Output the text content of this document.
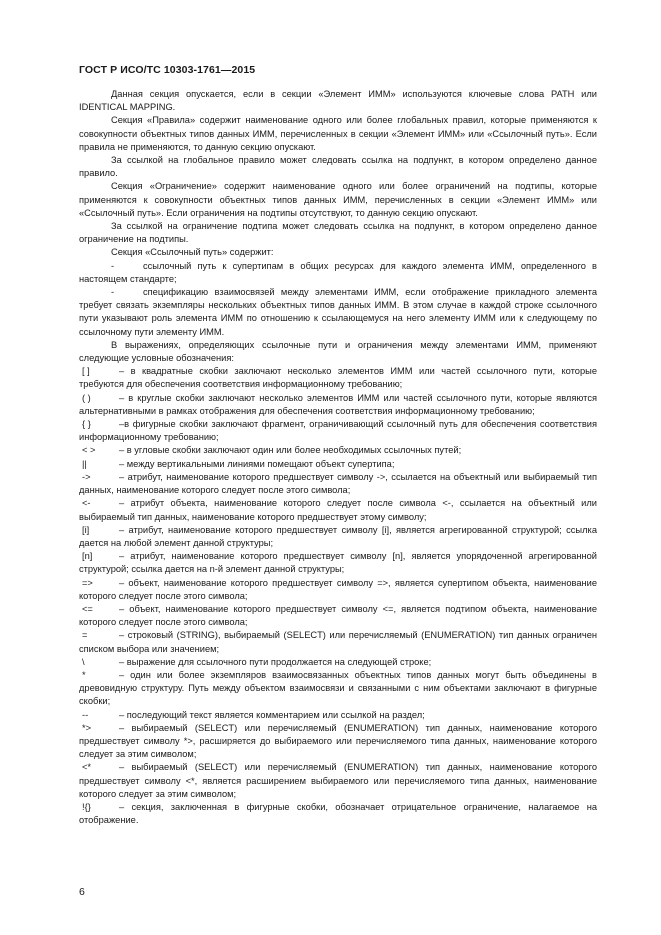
ГОСТ Р ИСО/ТС 10303-1761—2015

Данная секция опускается, если в секции «Элемент ИММ» используются ключевые слова PATH или IDENTICAL MAPPING.

Секция «Правила» содержит наименование одного или более глобальных правил, которые применяются к совокупности объектных типов данных ИММ, перечисленных в секции «Элемент ИММ» или «Ссылочный путь». Если правила не применяются, то данную секцию опускают.

За ссылкой на глобальное правило может следовать ссылка на подпункт, в котором определено данное правило.

Секция «Ограничение» содержит наименование одного или более ограничений на подтипы, которые применяются к совокупности объектных типов данных ИММ, перечисленных в секции «Элемент ИММ» или «Ссылочный путь». Если ограничения на подтипы отсутствуют, то данную секцию опускают.

За ссылкой на ограничение подтипа может следовать ссылка на подпункт, в котором определено данное ограничение на подтипы.

Секция «Ссылочный путь» содержит:

-	ссылочный путь к супертипам в общих ресурсах для каждого элемента ИММ, определенного в настоящем стандарте;

-	спецификацию взаимосвязей между элементами ИММ, если отображение прикладного элемента требует связать экземпляры нескольких объектных типов данных ИММ. В этом случае в каждой строке ссылочного пути указывают роль элемента ИММ по отношению к ссылающемуся на него элементу ИММ или к следующему по ссылочному пути элементу ИММ.

В выражениях, определяющих ссылочные пути и ограничения между элементами ИММ, применяют следующие условные обозначения:

[ ]	– в квадратные скобки заключают несколько элементов ИММ или частей ссылочного пути, которые требуются для обеспечения соответствия информационному требованию;

( )	– в круглые скобки заключают несколько элементов ИММ или частей ссылочного пути, которые являются альтернативными в рамках отображения для обеспечения соответствия информационному требованию;

{ }	–в фигурные скобки заключают фрагмент, ограничивающий ссылочный путь для обеспечения соответствия информационному требованию;

< >	– в угловые скобки заключают один или более необходимых ссылочных путей;

||	– между вертикальными линиями помещают объект супертипа;

->	– атрибут, наименование которого предшествует символу ->, ссылается на объектный или выбираемый тип данных, наименование которого следует после этого символа;

<-	– атрибут объекта, наименование которого следует после символа <-, ссылается на объектный или выбираемый тип данных, наименование которого предшествует этому символу;

[i]	– атрибут, наименование которого предшествует символу [i], является агрегированной структурой; ссылка дается на любой элемент данной структуры;

[n]	– атрибут, наименование которого предшествует символу [n], является упорядоченной агрегированной структурой; ссылка дается на n-й элемент данной структуры;

=>	– объект, наименование которого предшествует символу =>, является супертипом объекта, наименование которого следует после этого символа;

<=	– объект, наименование которого предшествует символу <=, является подтипом объекта, наименование которого следует после этого символа;

=	– строковый (STRING), выбираемый (SELECT) или перечисляемый (ENUMERATION) тип данных ограничен списком выбора или значением;

\	– выражение для ссылочного пути продолжается на следующей строке;

*	– один или более экземпляров взаимосвязанных объектных типов данных могут быть объединены в древовидную структуру. Путь между объектом взаимосвязи и связанными с ним объектами заключают в фигурные скобки;

--	– последующий текст является комментарием или ссылкой на раздел;

*>	– выбираемый (SELECT) или перечисляемый (ENUMERATION) тип данных, наименование которого предшествует символу *>, расширяется до выбираемого или перечисляемого типа данных, наименование которого следует за этим символом;

<*	– выбираемый (SELECT) или перечисляемый (ENUMERATION) тип данных, наименование которого предшествует символу <*, является расширением выбираемого или перечисляемого типа данных, наименование которого следует за этим символом;

!{}	– секция, заключенная в фигурные скобки, обозначает отрицательное ограничение, налагаемое на отображение.

6
